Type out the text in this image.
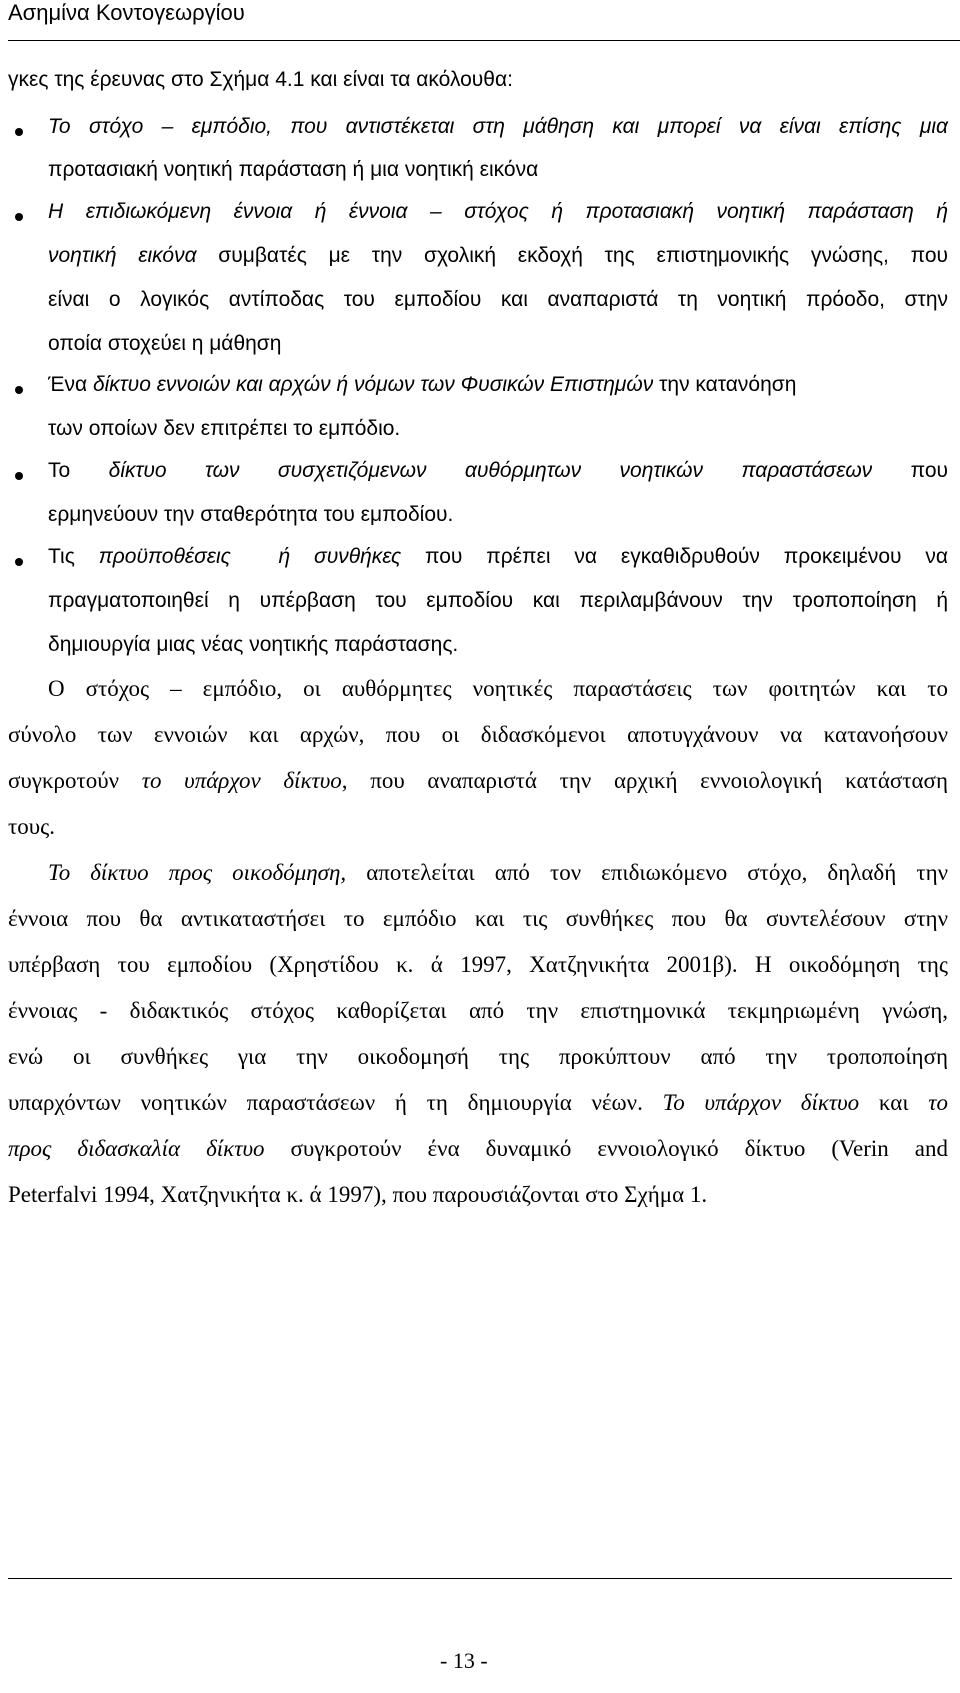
Ασημίνα Κοντογεωργίου
γκες της έρευνας στο Σχήμα 4.1 και είναι τα ακόλουθα:
Το στόχο – εμπόδιο, που αντιστέκεται στη μάθηση και μπορεί να είναι επίσης μια
προτασιακή νοητική παράσταση ή μια νοητική εικόνα
Η επιδιωκόμενη έννοια ή έννοια – στόχος ή προτασιακή νοητική παράσταση ή
νοητική εικόνα συμβατές με την σχολική εκδοχή της επιστημονικής γνώσης, που
είναι ο λογικός αντίποδας του εμποδίου και αναπαριστά τη νοητική πρόοδο, στην
οποία στοχεύει η μάθηση
Ένα δίκτυο εννοιών και αρχών ή νόμων των Φυσικών Επιστημών την κατανόηση
των οποίων δεν επιτρέπει το εμπόδιο.
Το δίκτυο των συσχετιζόμενων αυθόρμητων νοητικών παραστάσεων που
ερμηνεύουν την σταθερότητα του εμποδίου.
Τις προϋποθέσεις ή συνθήκες που πρέπει να εγκαθιδρυθούν προκειμένου να
πραγματοποιηθεί η υπέρβαση του εμποδίου και περιλαμβάνουν την τροποποίηση ή
δημιουργία μιας νέας νοητικής παράστασης.
Ο στόχος – εμπόδιο, οι αυθόρμητες νοητικές παραστάσεις των φοιτητών και το
σύνολο των εννοιών και αρχών, που οι διδασκόμενοι αποτυγχάνουν να κατανοήσουν
συγκροτούν το υπάρχον δίκτυο, που αναπαριστά την αρχική εννοιολογική κατάσταση
τους.
Το δίκτυο προς οικοδόμηση, αποτελείται από τον επιδιωκόμενο στόχο, δηλαδή την
έννοια που θα αντικαταστήσει το εμπόδιο και τις συνθήκες που θα συντελέσουν στην
υπέρβαση του εμποδίου (Χρηστίδου κ. ά 1997, Χατζηνικήτα 2001β). Η οικοδόμηση της
έννοιας - διδακτικός στόχος καθορίζεται από την επιστημονικά τεκμηριωμένη γνώση,
ενώ οι συνθήκες για την οικοδομησή της προκύπτουν από την τροποποίηση
υπαρχόντων νοητικών παραστάσεων ή τη δημιουργία νέων. Το υπάρχον δίκτυο και το
προς διδασκαλία δίκτυο συγκροτούν ένα δυναμικό εννοιολογικό δίκτυο (Verin and
Peterfalvi 1994, Χατζηνικήτα κ. ά 1997), που παρουσιάζονται στο Σχήμα 1.
- 13 -
